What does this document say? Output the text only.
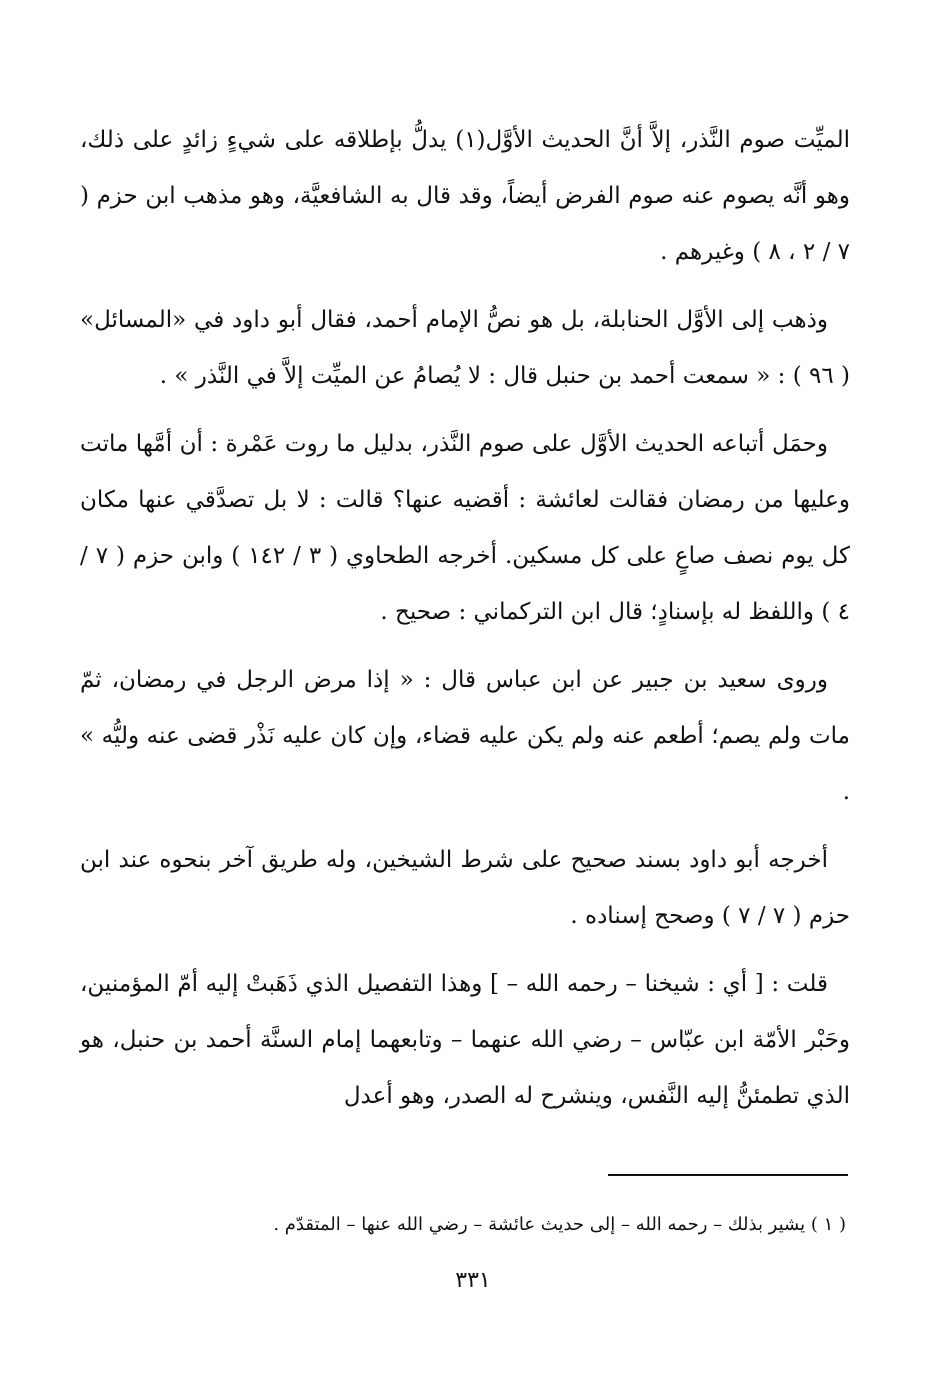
الميِّت صوم النَّذر، إلاَّ أنَّ الحديث الأوَّل(١) يدلُّ بإطلاقه على شيءٍ زائدٍ على ذلك، وهو أنَّه يصوم عنه صوم الفرض أيضاً، وقد قال به الشافعيَّة، وهو مذهب ابن حزم ( ٧ / ٢ ، ٨ ) وغيرهم .

وذهب إلى الأوَّل الحنابلة، بل هو نصُّ الإمام أحمد، فقال أبو داود في «المسائل» ( ٩٦ ) : « سمعت أحمد بن حنبل قال : لا يُصامُ عن الميِّت إلاَّ في النَّذر » .

وحمَل أتباعه الحديث الأوَّل على صوم النَّذر، بدليل ما روت عَمْرة : أن أمَّها ماتت وعليها من رمضان فقالت لعائشة : أقضيه عنها؟ قالت : لا بل تصدَّقي عنها مكان كل يوم نصف صاعٍ على كل مسكين. أخرجه الطحاوي ( ٣ / ١٤٢ ) وابن حزم ( ٧ / ٤ ) واللفظ له بإسنادٍ؛ قال ابن التركماني : صحيح .

وروى سعيد بن جبير عن ابن عباس قال : « إذا مرض الرجل في رمضان، ثمّ مات ولم يصم؛ أطعم عنه ولم يكن عليه قضاء، وإن كان عليه نَذْر قضى عنه وليُّه » .

أخرجه أبو داود بسند صحيح على شرط الشيخين، وله طريق آخر بنحوه عند ابن حزم ( ٧ / ٧ ) وصحح إسناده .

قلت : [ أي : شيخنا – رحمه الله – ] وهذا التفصيل الذي ذَهَبتْ إليه أمّ المؤمنين، وحَبْر الأمّة ابن عبّاس – رضي الله عنهما – وتابعهما إمام السنَّة أحمد بن حنبل، هو الذي تطمئنُّ إليه النَّفس، وينشرح له الصدر، وهو أعدل

( ١ ) يشير بذلك – رحمه الله – إلى حديث عائشة – رضي الله عنها – المتقدّم .

٣٣١
